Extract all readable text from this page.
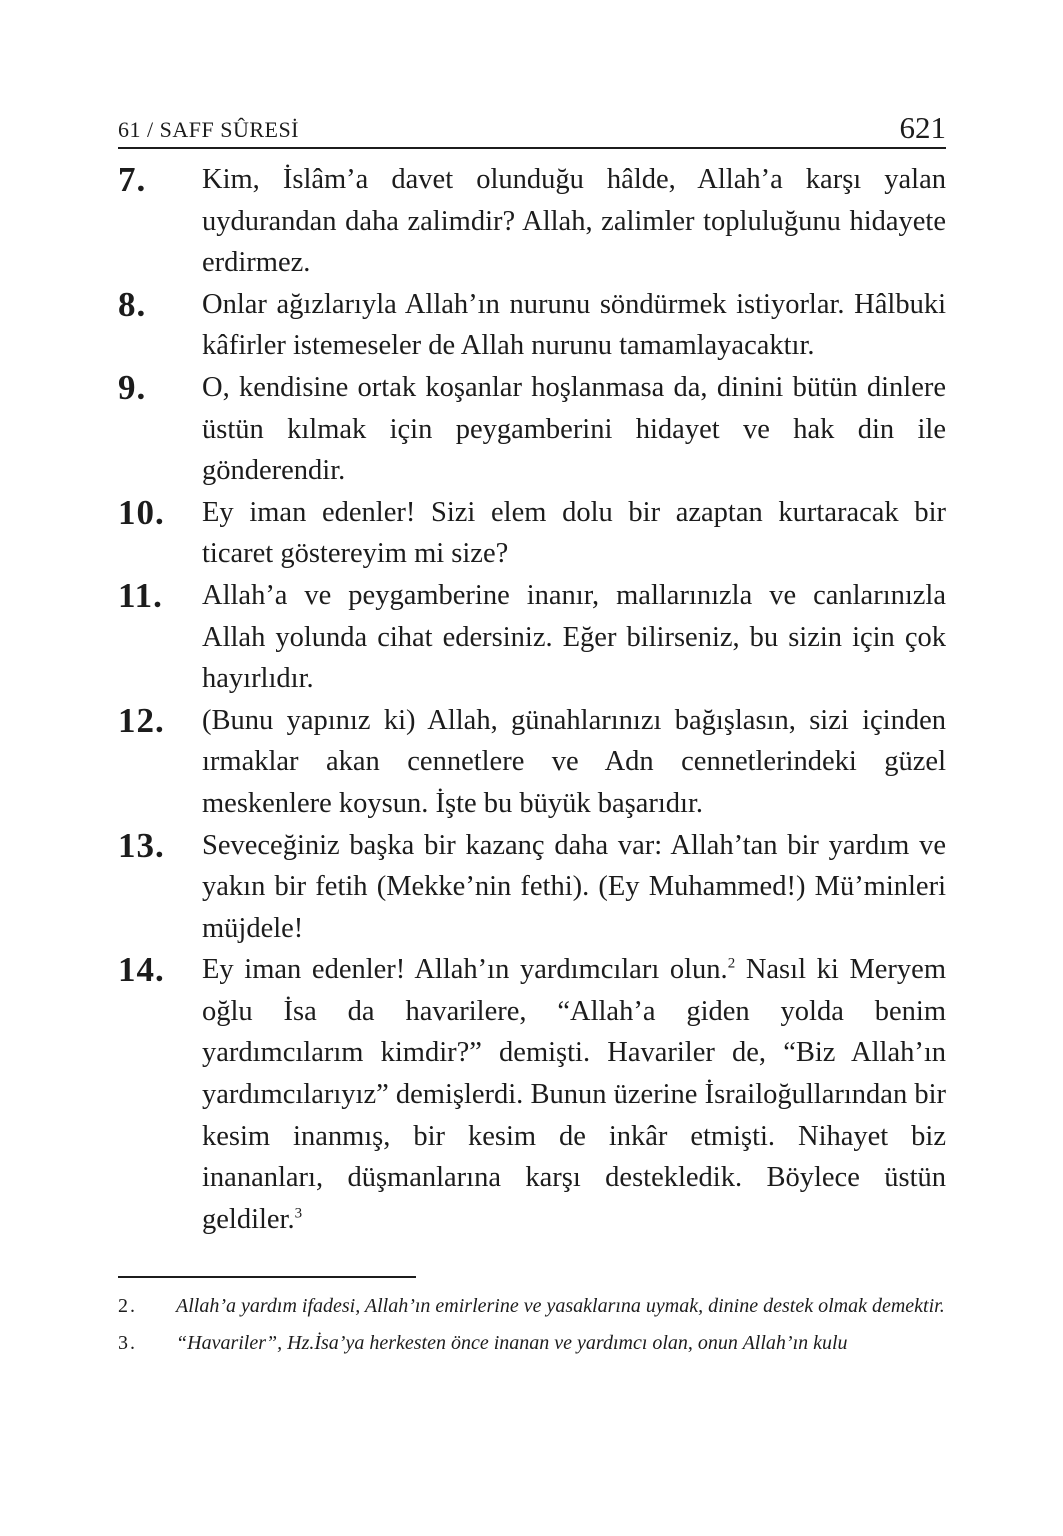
61 / SAFF SÛRESİ	621
7.	Kim, İslâm’a davet olunduğu hâlde, Allah’a karşı yalan uydurandan daha zalimdir? Allah, zalimler topluluğunu hidayete erdirmez.
8.	Onlar ağızlarıyla Allah’ın nurunu söndürmek istiyorlar. Hâlbuki kâfirler istemeseler de Allah nurunu tamamlayacaktır.
9.	O, kendisine ortak koşanlar hoşlanmasa da, dinini bütün dinlere üstün kılmak için peygamberini hidayet ve hak din ile gönderendir.
10.	Ey iman edenler! Sizi elem dolu bir azaptan kurtaracak bir ticaret göstereyim mi size?
11.	Allah’a ve peygamberine inanır, mallarınızla ve canlarınızla Allah yolunda cihat edersiniz. Eğer bilirseniz, bu sizin için çok hayırlıdır.
12.	(Bunu yapınız ki) Allah, günahlarınızı bağışlasın, sizi içinden ırmaklar akan cennetlere ve Adn cennetlerindeki güzel meskenlere koysun. İşte bu büyük başarıdır.
13.	Seveceğiniz başka bir kazanç daha var: Allah’tan bir yardım ve yakın bir fetih (Mekke’nin fethi). (Ey Muhammed!) Mü’minleri müjdele!
14.	Ey iman edenler! Allah’ın yardımcıları olun.$^2$ Nasıl ki Meryem oğlu İsa da havarilere, “Allah’a giden yolda benim yardımcılarım kimdir?” demişti. Havariler de, “Biz Allah’ın yardımcılarıyız” demişlerdi. Bunun üzerine İsrailoğullarından bir kesim inanmış, bir kesim de inkâr etmişti. Nihayet biz inananları, düşmanlarına karşı destekledik. Böylece üstün geldiler.$^3$
2.	Allah’a yardım ifadesi, Allah’ın emirlerine ve yasaklarına uymak, dinine destek olmak demektir.
3.	“Havariler”, Hz.İsa’ya herkesten önce inanan ve yardımcı olan, onun Allah’ın kulu
